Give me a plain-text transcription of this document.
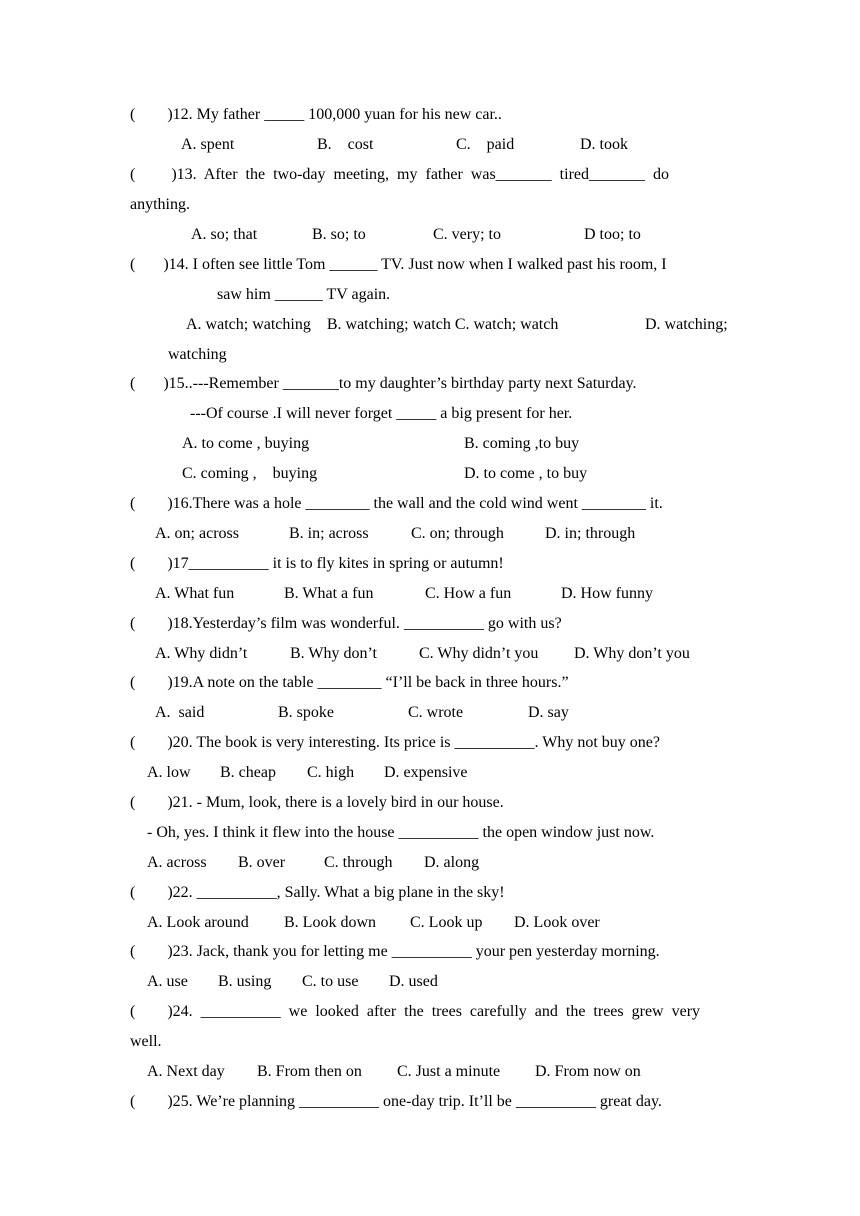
(        )12. My father _____ 100,000 yuan for his new car..
A. spent	B.    cost	C.    paid	D. took
(         )13.  After  the  two-day  meeting,  my  father  was_______  tired_______  do
anything.
A. so; that	B. so; to	C. very; to	D too; to
(       )14. I often see little Tom ______ TV. Just now when I walked past his room, I
saw him ______ TV again.
A. watch; watching    B. watching; watch C. watch; watch	D. watching;
watching
(       )15..---Remember _______to my daughter’s birthday party next Saturday.
---Of course .I will never forget _____ a big present for her.
A. to come , buying	B. coming ,to buy
C. coming ,    buying	D. to come , to buy
(        )16.There was a hole ________ the wall and the cold wind went ________ it.
A. on; across	B. in; across	C. on; through	D. in; through
(        )17__________ it is to fly kites in spring or autumn!
A. What fun	B. What a fun	C. How a fun	D. How funny
(        )18.Yesterday’s film was wonderful. __________ go with us?
A. Why didn’t	B. Why don’t	C. Why didn’t you D. Why don’t you
(        )19.A note on the table ________ “I’ll be back in three hours.”
A.  said	B. spoke	C. wrote	D. say
(        )20. The book is very interesting. Its price is __________. Why not buy one?
A. low B. cheap C. high D. expensive
(        )21. - Mum, look, there is a lovely bird in our house.
- Oh, yes. I think it flew into the house __________ the open window just now.
A. across B. over C. through D. along
(        )22. __________, Sally. What a big plane in the sky!
A. Look around B. Look down C. Look up D. Look over
(        )23. Jack, thank you for letting me __________ your pen yesterday morning.
A. use B. using C. to use D. used
(        )24.  __________  we  looked  after  the  trees  carefully  and  the  trees  grew  very
well.
A. Next day B. From then on C. Just a minute D. From now on
(        )25. We’re planning __________ one-day trip. It’ll be __________ great day.
